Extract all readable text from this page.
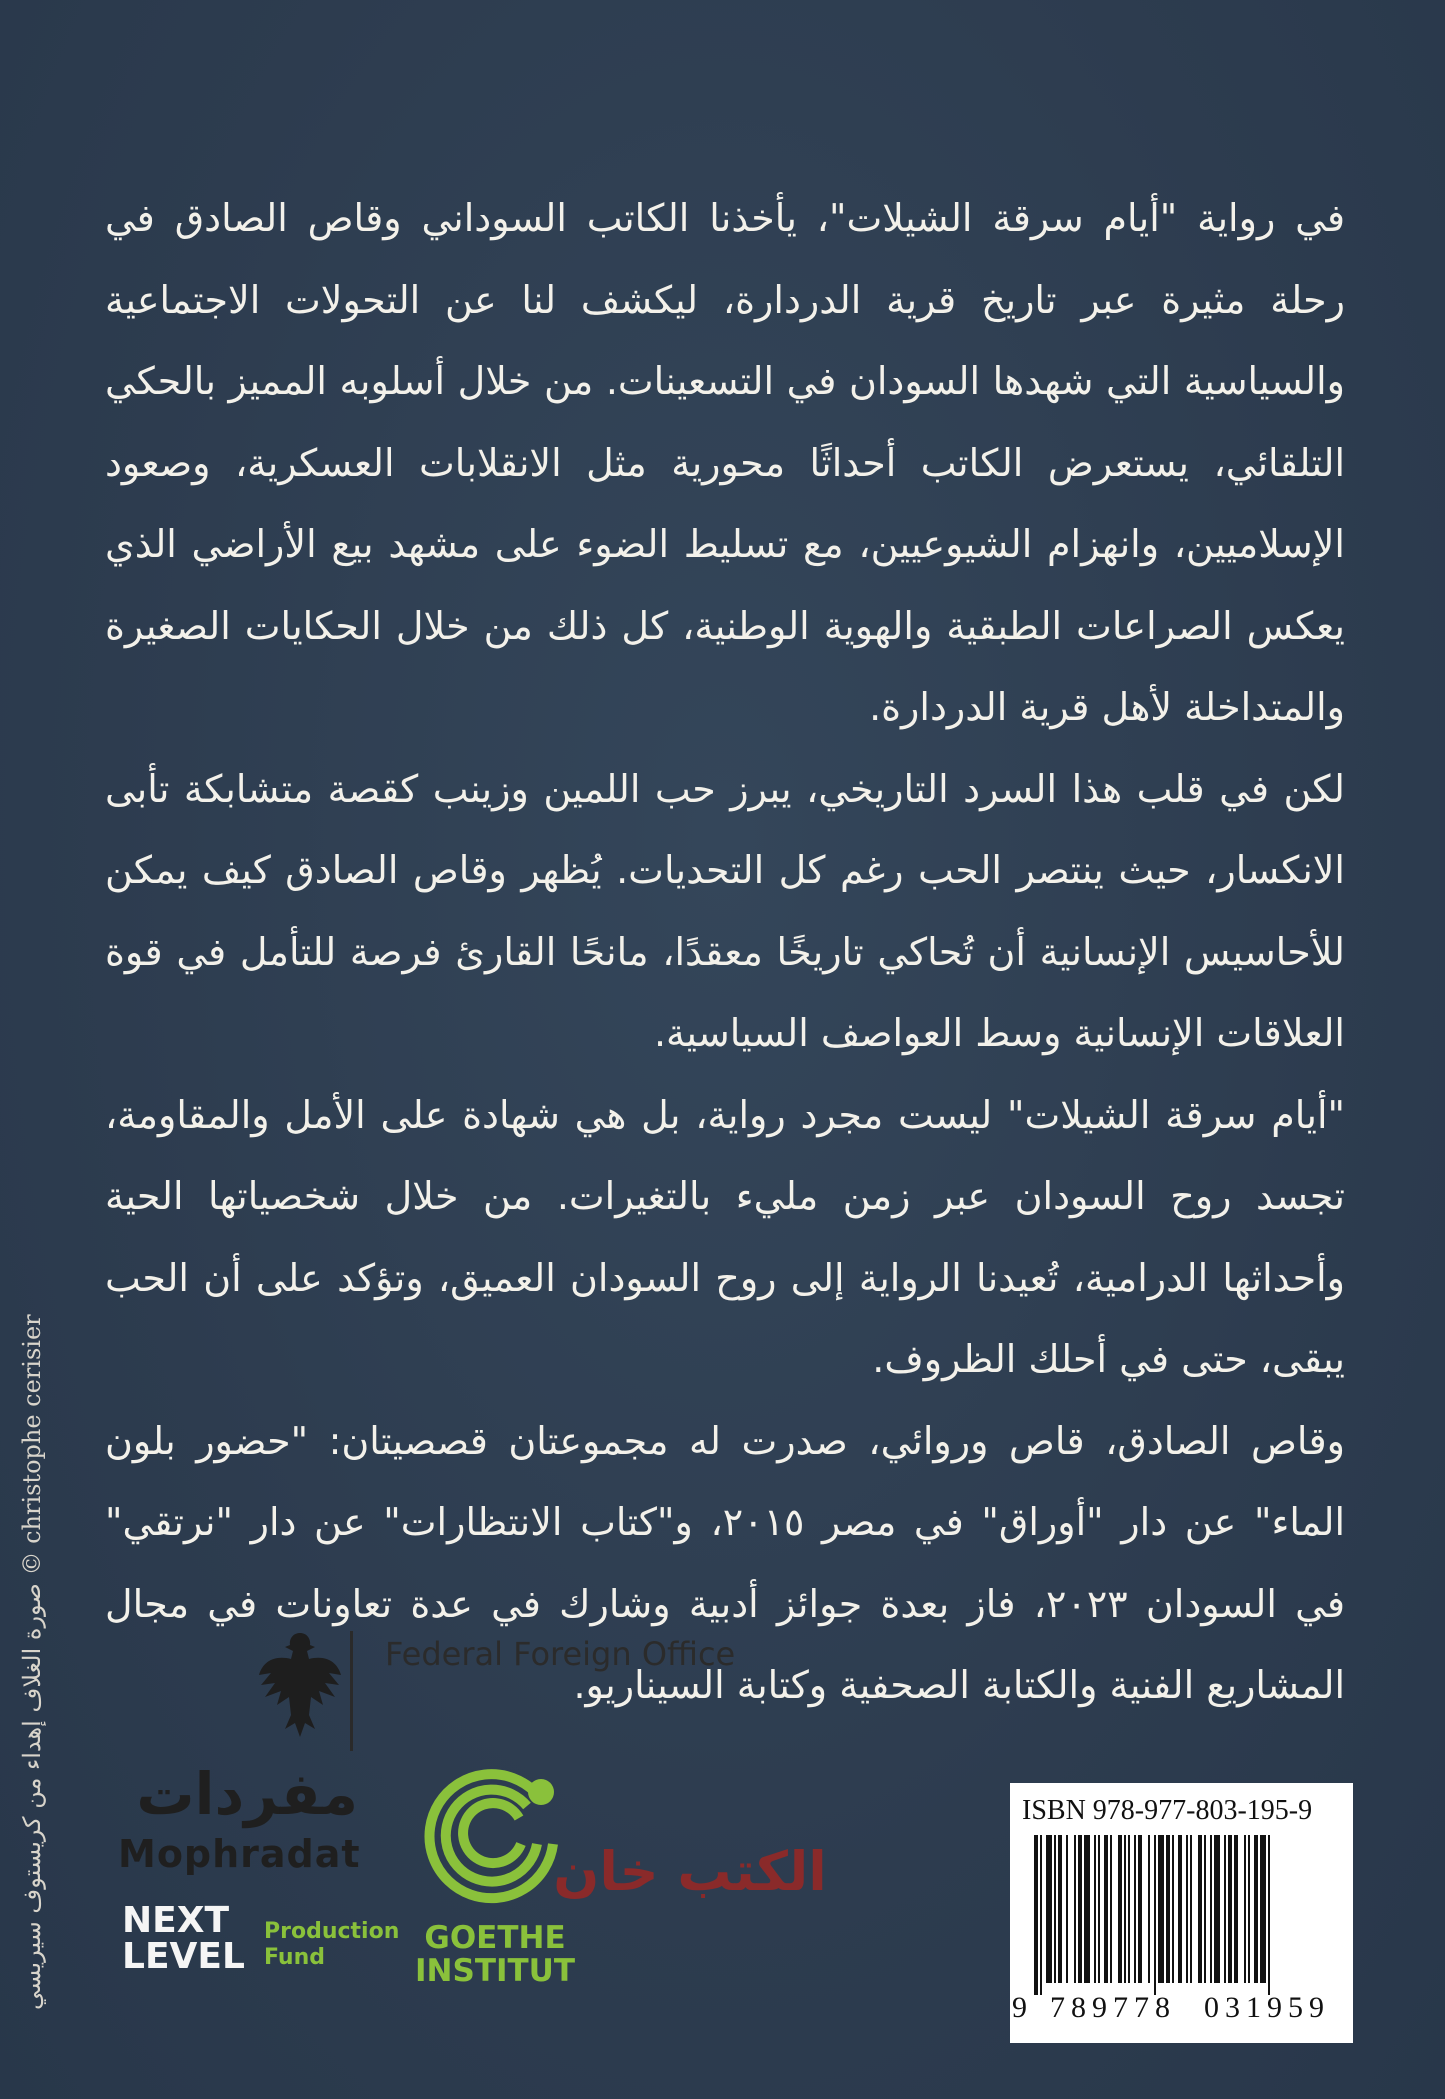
في رواية "أيام سرقة الشيلات"، يأخذنا الكاتب السوداني وقاص الصادق في رحلة مثيرة عبر تاريخ قرية الدردارة، ليكشف لنا عن التحولات الاجتماعية والسياسية التي شهدها السودان في التسعينات. من خلال أسلوبه المميز بالحكي التلقائي، يستعرض الكاتب أحداثًا محورية مثل الانقلابات العسكرية، وصعود الإسلاميين، وانهزام الشيوعيين، مع تسليط الضوء على مشهد بيع الأراضي الذي يعكس الصراعات الطبقية والهوية الوطنية، كل ذلك من خلال الحكايات الصغيرة والمتداخلة لأهل قرية الدردارة.

لكن في قلب هذا السرد التاريخي، يبرز حب اللمين وزينب كقصة متشابكة تأبى الانكسار، حيث ينتصر الحب رغم كل التحديات. يُظهر وقاص الصادق كيف يمكن للأحاسيس الإنسانية أن تُحاكي تاريخًا معقدًا، مانحًا القارئ فرصة للتأمل في قوة العلاقات الإنسانية وسط العواصف السياسية.

"أيام سرقة الشيلات" ليست مجرد رواية، بل هي شهادة على الأمل والمقاومة، تجسد روح السودان عبر زمن مليء بالتغيرات. من خلال شخصياتها الحية وأحداثها الدرامية، تُعيدنا الرواية إلى روح السودان العميق، وتؤكد على أن الحب يبقى، حتى في أحلك الظروف.

وقاص الصادق، قاص وروائي، صدرت له مجموعتان قصصيتان: "حضور بلون الماء" عن دار "أوراق" في مصر ٢٠١٥، و"كتاب الانتظارات" عن دار "نرتقي" في السودان ٢٠٢٣، فاز بعدة جوائز أدبية وشارك في عدة تعاونات في مجال المشاريع الفنية والكتابة الصحفية وكتابة السيناريو.

صورة الغلاف إهداء من كريستوف سيريسي © christophe cerisier
Federal Foreign Office
مفردات
Mophradat
NEXT
LEVEL
Production
Fund
GOETHE
INSTITUT
الكتب خان
ISBN 978-977-803-195-9
9 789778 031959
